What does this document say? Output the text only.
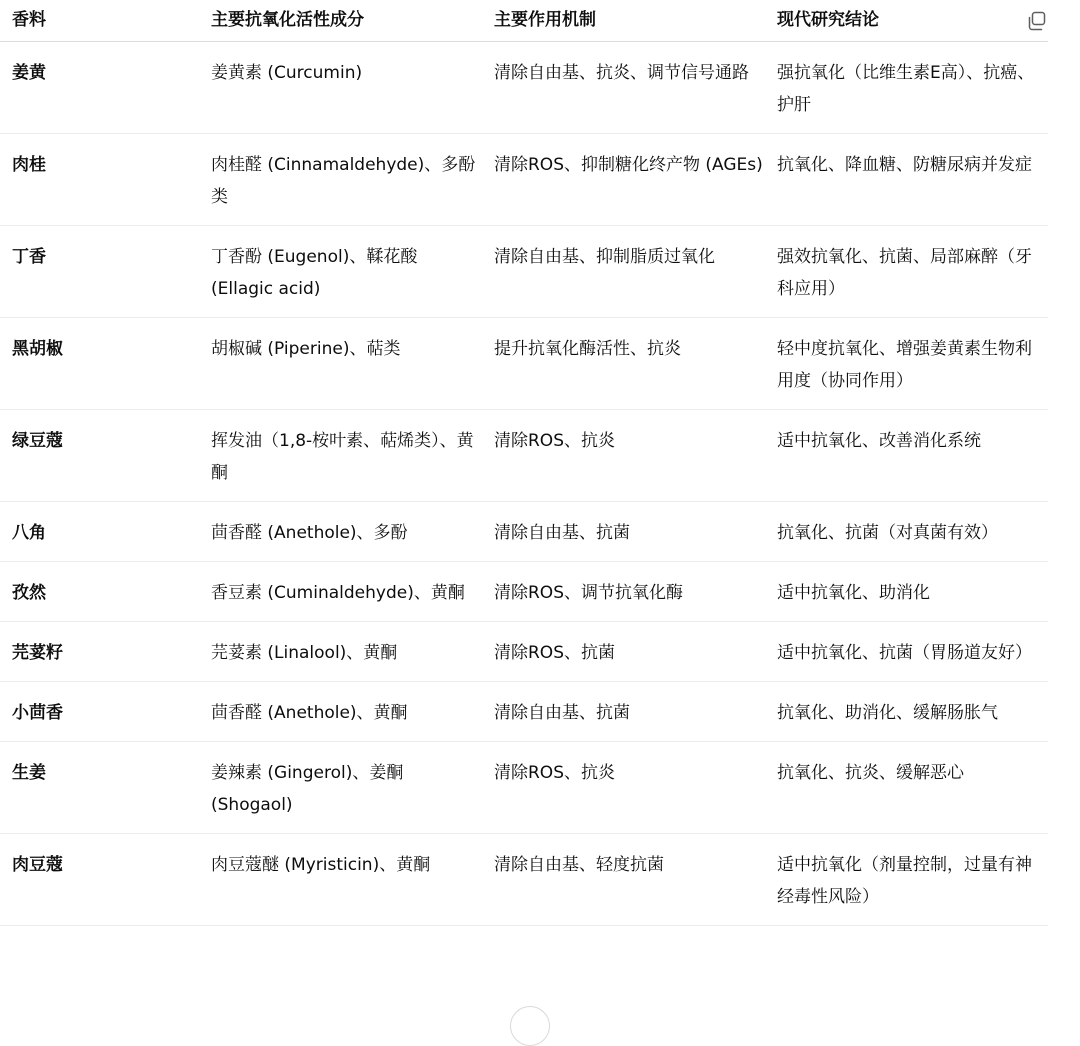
香料	主要抗氧化活性成分	主要作用机制	现代研究结论
姜黄	姜黄素 (Curcumin)	清除自由基、抗炎、调节信号通路	强抗氧化（比维生素E高）、抗癌、护肝
肉桂	肉桂醛 (Cinnamaldehyde)、多酚类	清除ROS、抑制糖化终产物 (AGEs)	抗氧化、降血糖、防糖尿病并发症
丁香	丁香酚 (Eugenol)、鞣花酸 (Ellagic acid)	清除自由基、抑制脂质过氧化	强效抗氧化、抗菌、局部麻醉（牙科应用）
黑胡椒	胡椒碱 (Piperine)、萜类	提升抗氧化酶活性、抗炎	轻中度抗氧化、增强姜黄素生物利用度（协同作用）
绿豆蔻	挥发油（1,8-桉叶素、萜烯类）、黄酮	清除ROS、抗炎	适中抗氧化、改善消化系统
八角	茴香醛 (Anethole)、多酚	清除自由基、抗菌	抗氧化、抗菌（对真菌有效）
孜然	香豆素 (Cuminaldehyde)、黄酮	清除ROS、调节抗氧化酶	适中抗氧化、助消化
芫荽籽	芫荽素 (Linalool)、黄酮	清除ROS、抗菌	适中抗氧化、抗菌（胃肠道友好）
小茴香	茴香醛 (Anethole)、黄酮	清除自由基、抗菌	抗氧化、助消化、缓解肠胀气
生姜	姜辣素 (Gingerol)、姜酮 (Shogaol)	清除ROS、抗炎	抗氧化、抗炎、缓解恶心
肉豆蔻	肉豆蔻醚 (Myristicin)、黄酮	清除自由基、轻度抗菌	适中抗氧化（剂量控制，过量有神经毒性风险）
